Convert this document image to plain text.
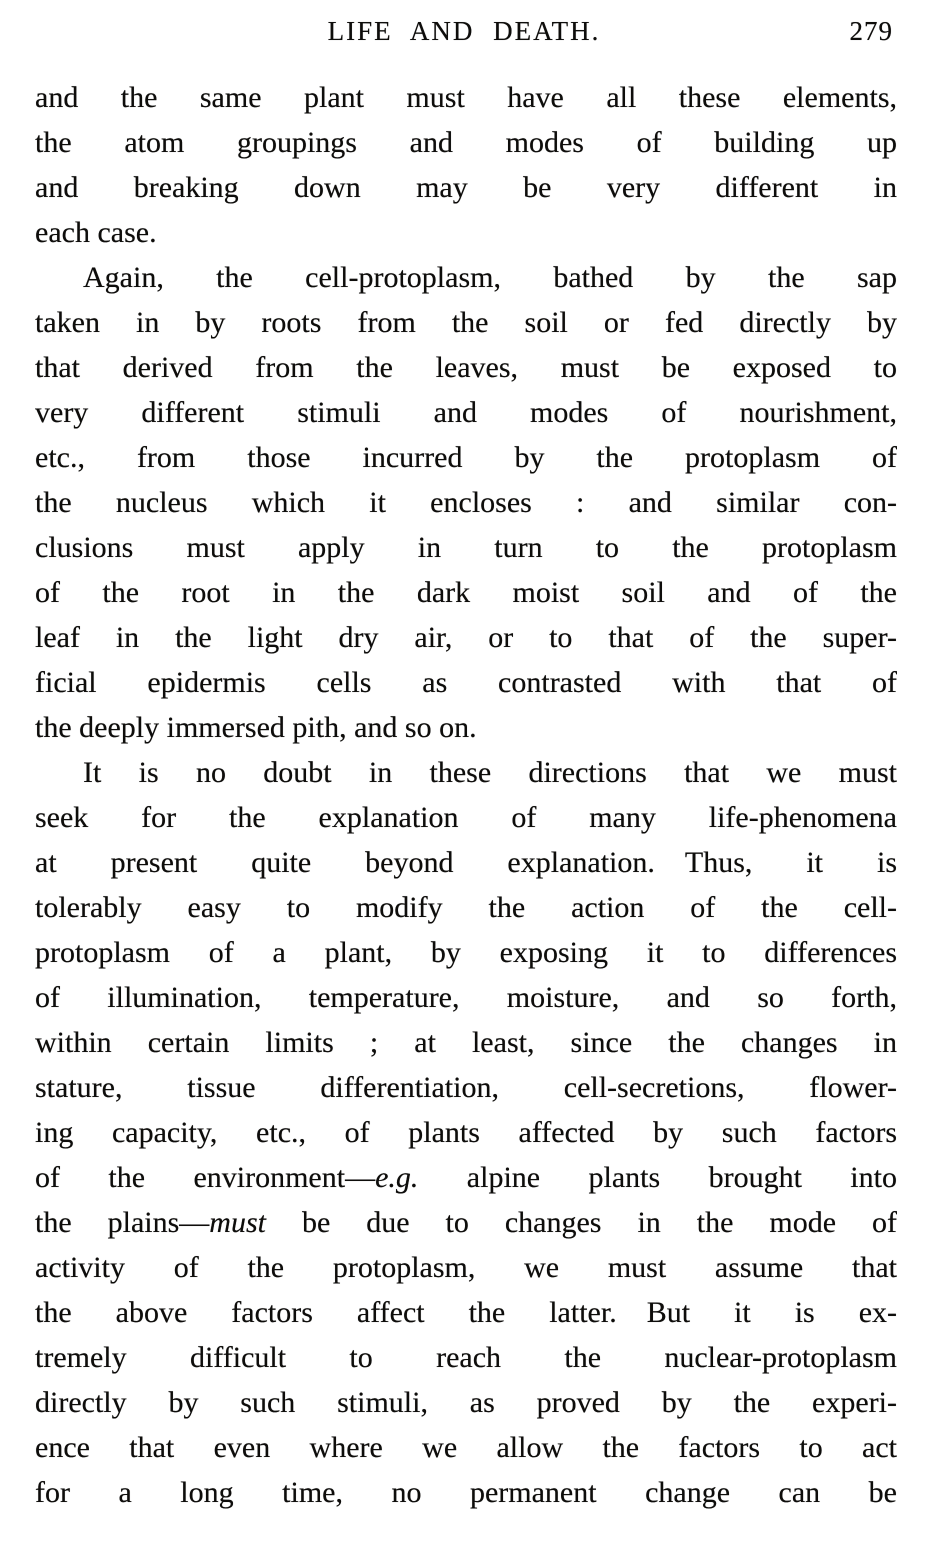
LIFE AND DEATH.	279
and the same plant must have all these elements,
the atom groupings and modes of building up
and breaking down may be very different in
each case.
Again, the cell-protoplasm, bathed by the sap
taken in by roots from the soil or fed directly by
that derived from the leaves, must be exposed to
very different stimuli and modes of nourishment,
etc., from those incurred by the protoplasm of
the nucleus which it encloses : and similar con-
clusions must apply in turn to the protoplasm
of the root in the dark moist soil and of the
leaf in the light dry air, or to that of the super-
ficial epidermis cells as contrasted with that of
the deeply immersed pith, and so on.
It is no doubt in these directions that we must
seek for the explanation of many life-phenomena
at present quite beyond explanation. Thus, it is
tolerably easy to modify the action of the cell-
protoplasm of a plant, by exposing it to differences
of illumination, temperature, moisture, and so forth,
within certain limits ; at least, since the changes in
stature, tissue differentiation, cell-secretions, flower-
ing capacity, etc., of plants affected by such factors
of the environment—e.g. alpine plants brought into
the plains—must be due to changes in the mode of
activity of the protoplasm, we must assume that
the above factors affect the latter. But it is ex-
tremely difficult to reach the nuclear-protoplasm
directly by such stimuli, as proved by the experi-
ence that even where we allow the factors to act
for a long time, no permanent change can be
